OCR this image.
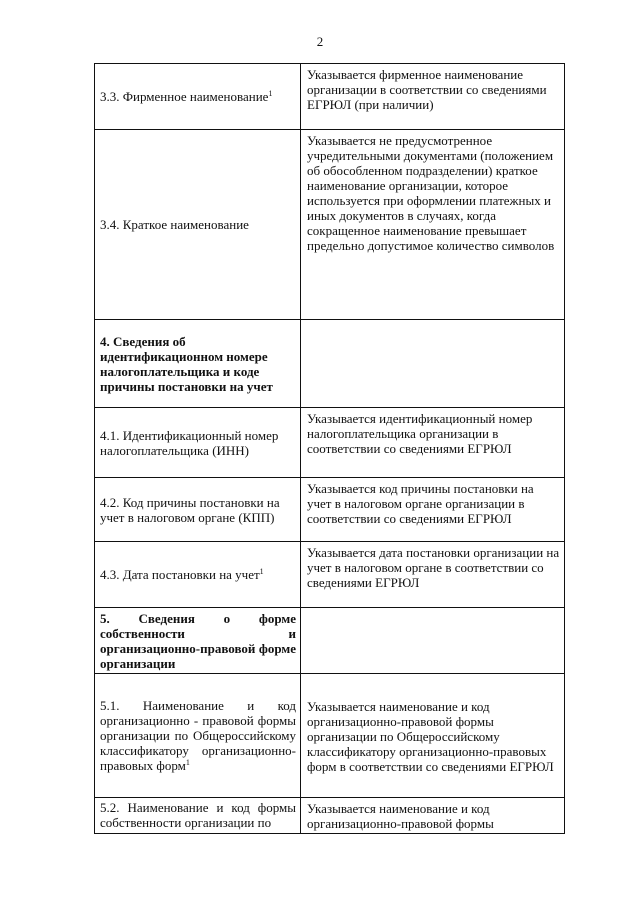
2
3.3. Фирменное наименование$^1$	Указывается фирменное наименование организации в соответствии со сведениями ЕГРЮЛ (при наличии)
3.4. Краткое наименование	Указывается не предусмотренное учредительными документами (положением об обособленном подразделении) краткое наименование организации, которое используется при оформлении платежных и иных документов в случаях, когда сокращенное наименование превышает предельно допустимое количество символов
4. Сведения об идентификационном номере налогоплательщика и коде причины постановки на учет	
4.1. Идентификационный номер налогоплательщика (ИНН)	Указывается идентификационный номер налогоплательщика организации в соответствии со сведениями ЕГРЮЛ
4.2. Код причины постановки на учет в налоговом органе (КПП)	Указывается код причины постановки на учет в налоговом органе организации в соответствии со сведениями ЕГРЮЛ
4.3. Дата постановки на учет$^1$	Указывается дата постановки организации на учет в налоговом органе в соответствии со сведениями ЕГРЮЛ
5. Сведения о форме собственности и организационно-правовой форме организации	
5.1. Наименование и код организационно - правовой формы организации по Общероссийскому классификатору организационно-правовых форм$^1$	Указывается наименование и код организационно-правовой формы организации по Общероссийскому классификатору организационно-правовых форм в соответствии со сведениями ЕГРЮЛ
5.2. Наименование и код формы собственности организации по	Указывается наименование и код организационно-правовой формы
